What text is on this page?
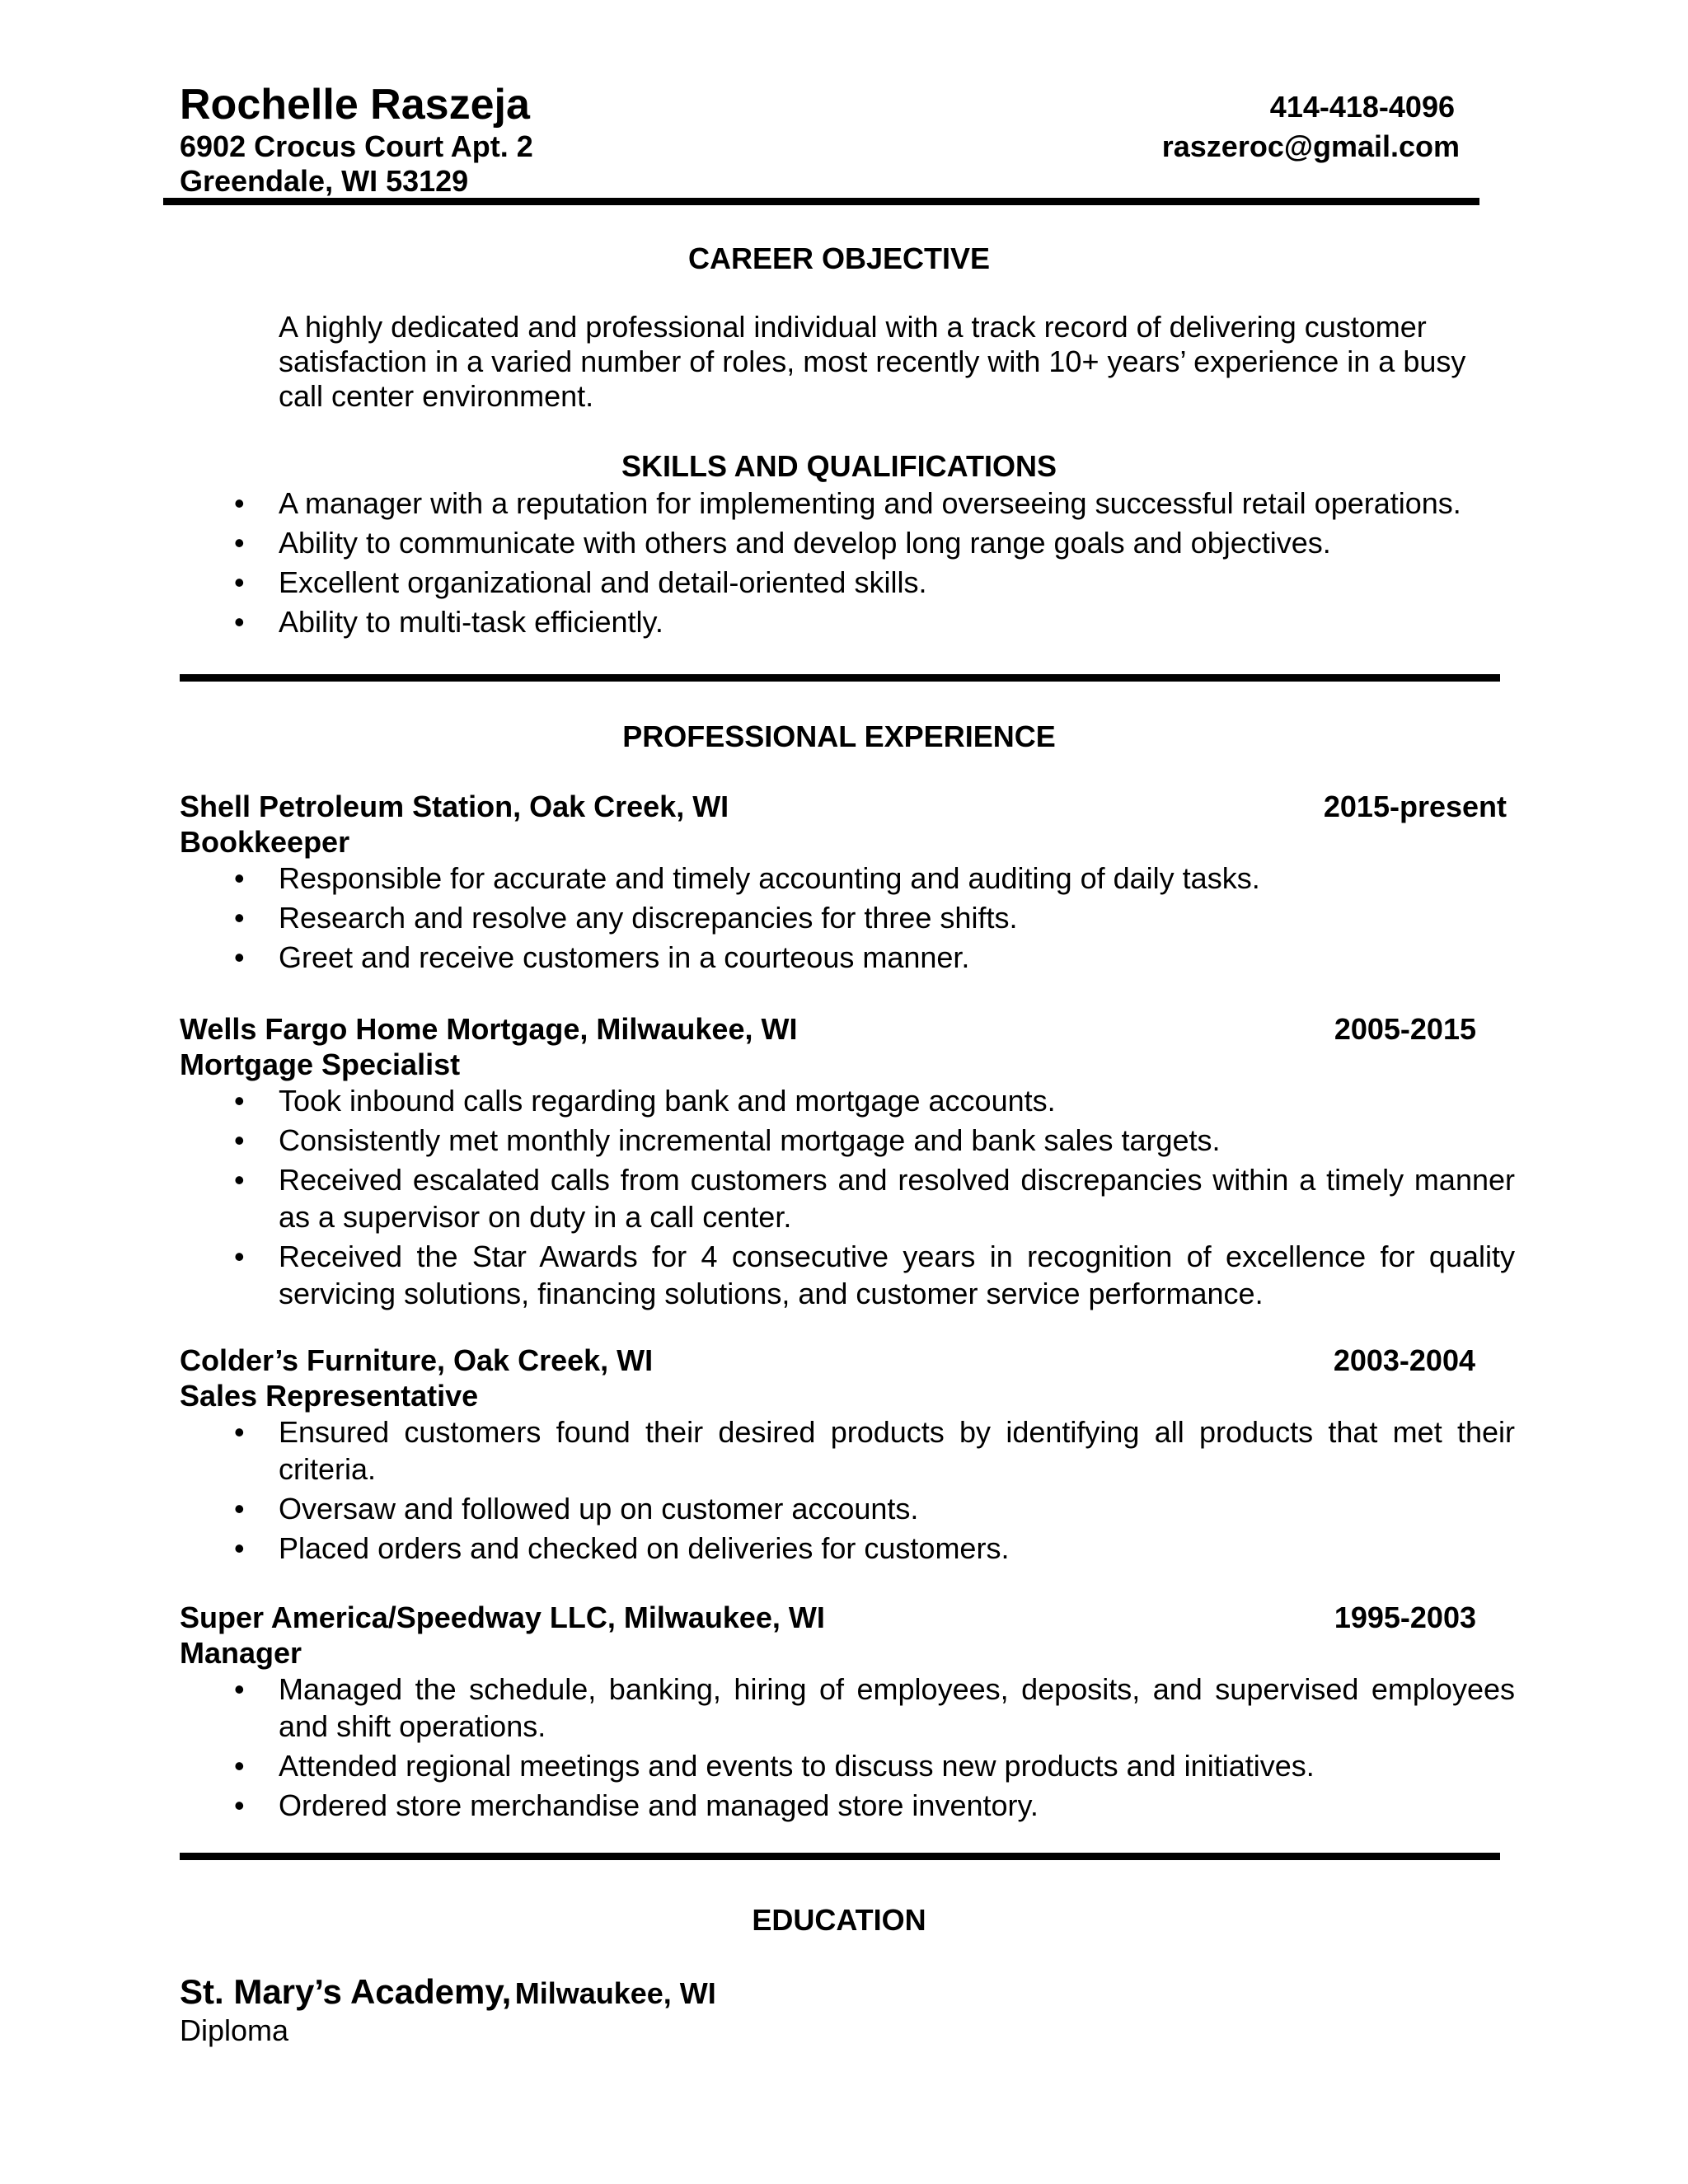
Rochelle Raszeja
6902 Crocus Court Apt. 2
Greendale, WI 53129
414-418-4096
raszeroc@gmail.com
CAREER OBJECTIVE
A highly dedicated and professional individual with a track record of delivering customer
satisfaction in a varied number of roles, most recently with 10+ years’ experience in a busy
call center environment.
SKILLS AND QUALIFICATIONS
• A manager with a reputation for implementing and overseeing successful retail operations.
• Ability to communicate with others and develop long range goals and objectives.
• Excellent organizational and detail-oriented skills.
• Ability to multi-task efficiently.
PROFESSIONAL EXPERIENCE
Shell Petroleum Station, Oak Creek, WI
Bookkeeper
2015-present
• Responsible for accurate and timely accounting and auditing of daily tasks.
• Research and resolve any discrepancies for three shifts.
• Greet and receive customers in a courteous manner.
Wells Fargo Home Mortgage, Milwaukee, WI
Mortgage Specialist
2005-2015
• Took inbound calls regarding bank and mortgage accounts.
• Consistently met monthly incremental mortgage and bank sales targets.
• Received escalated calls from customers and resolved discrepancies within a timely manner as a supervisor on duty in a call center.
• Received the Star Awards for 4 consecutive years in recognition of excellence for quality servicing solutions, financing solutions, and customer service performance.
Colder’s Furniture, Oak Creek, WI
Sales Representative
2003-2004
• Ensured customers found their desired products by identifying all products that met their criteria.
• Oversaw and followed up on customer accounts.
• Placed orders and checked on deliveries for customers.
Super America/Speedway LLC, Milwaukee, WI
Manager
1995-2003
• Managed the schedule, banking, hiring of employees, deposits, and supervised employees and shift operations.
• Attended regional meetings and events to discuss new products and initiatives.
• Ordered store merchandise and managed store inventory.
EDUCATION
St. Mary’s Academy, Milwaukee, WI
Diploma
